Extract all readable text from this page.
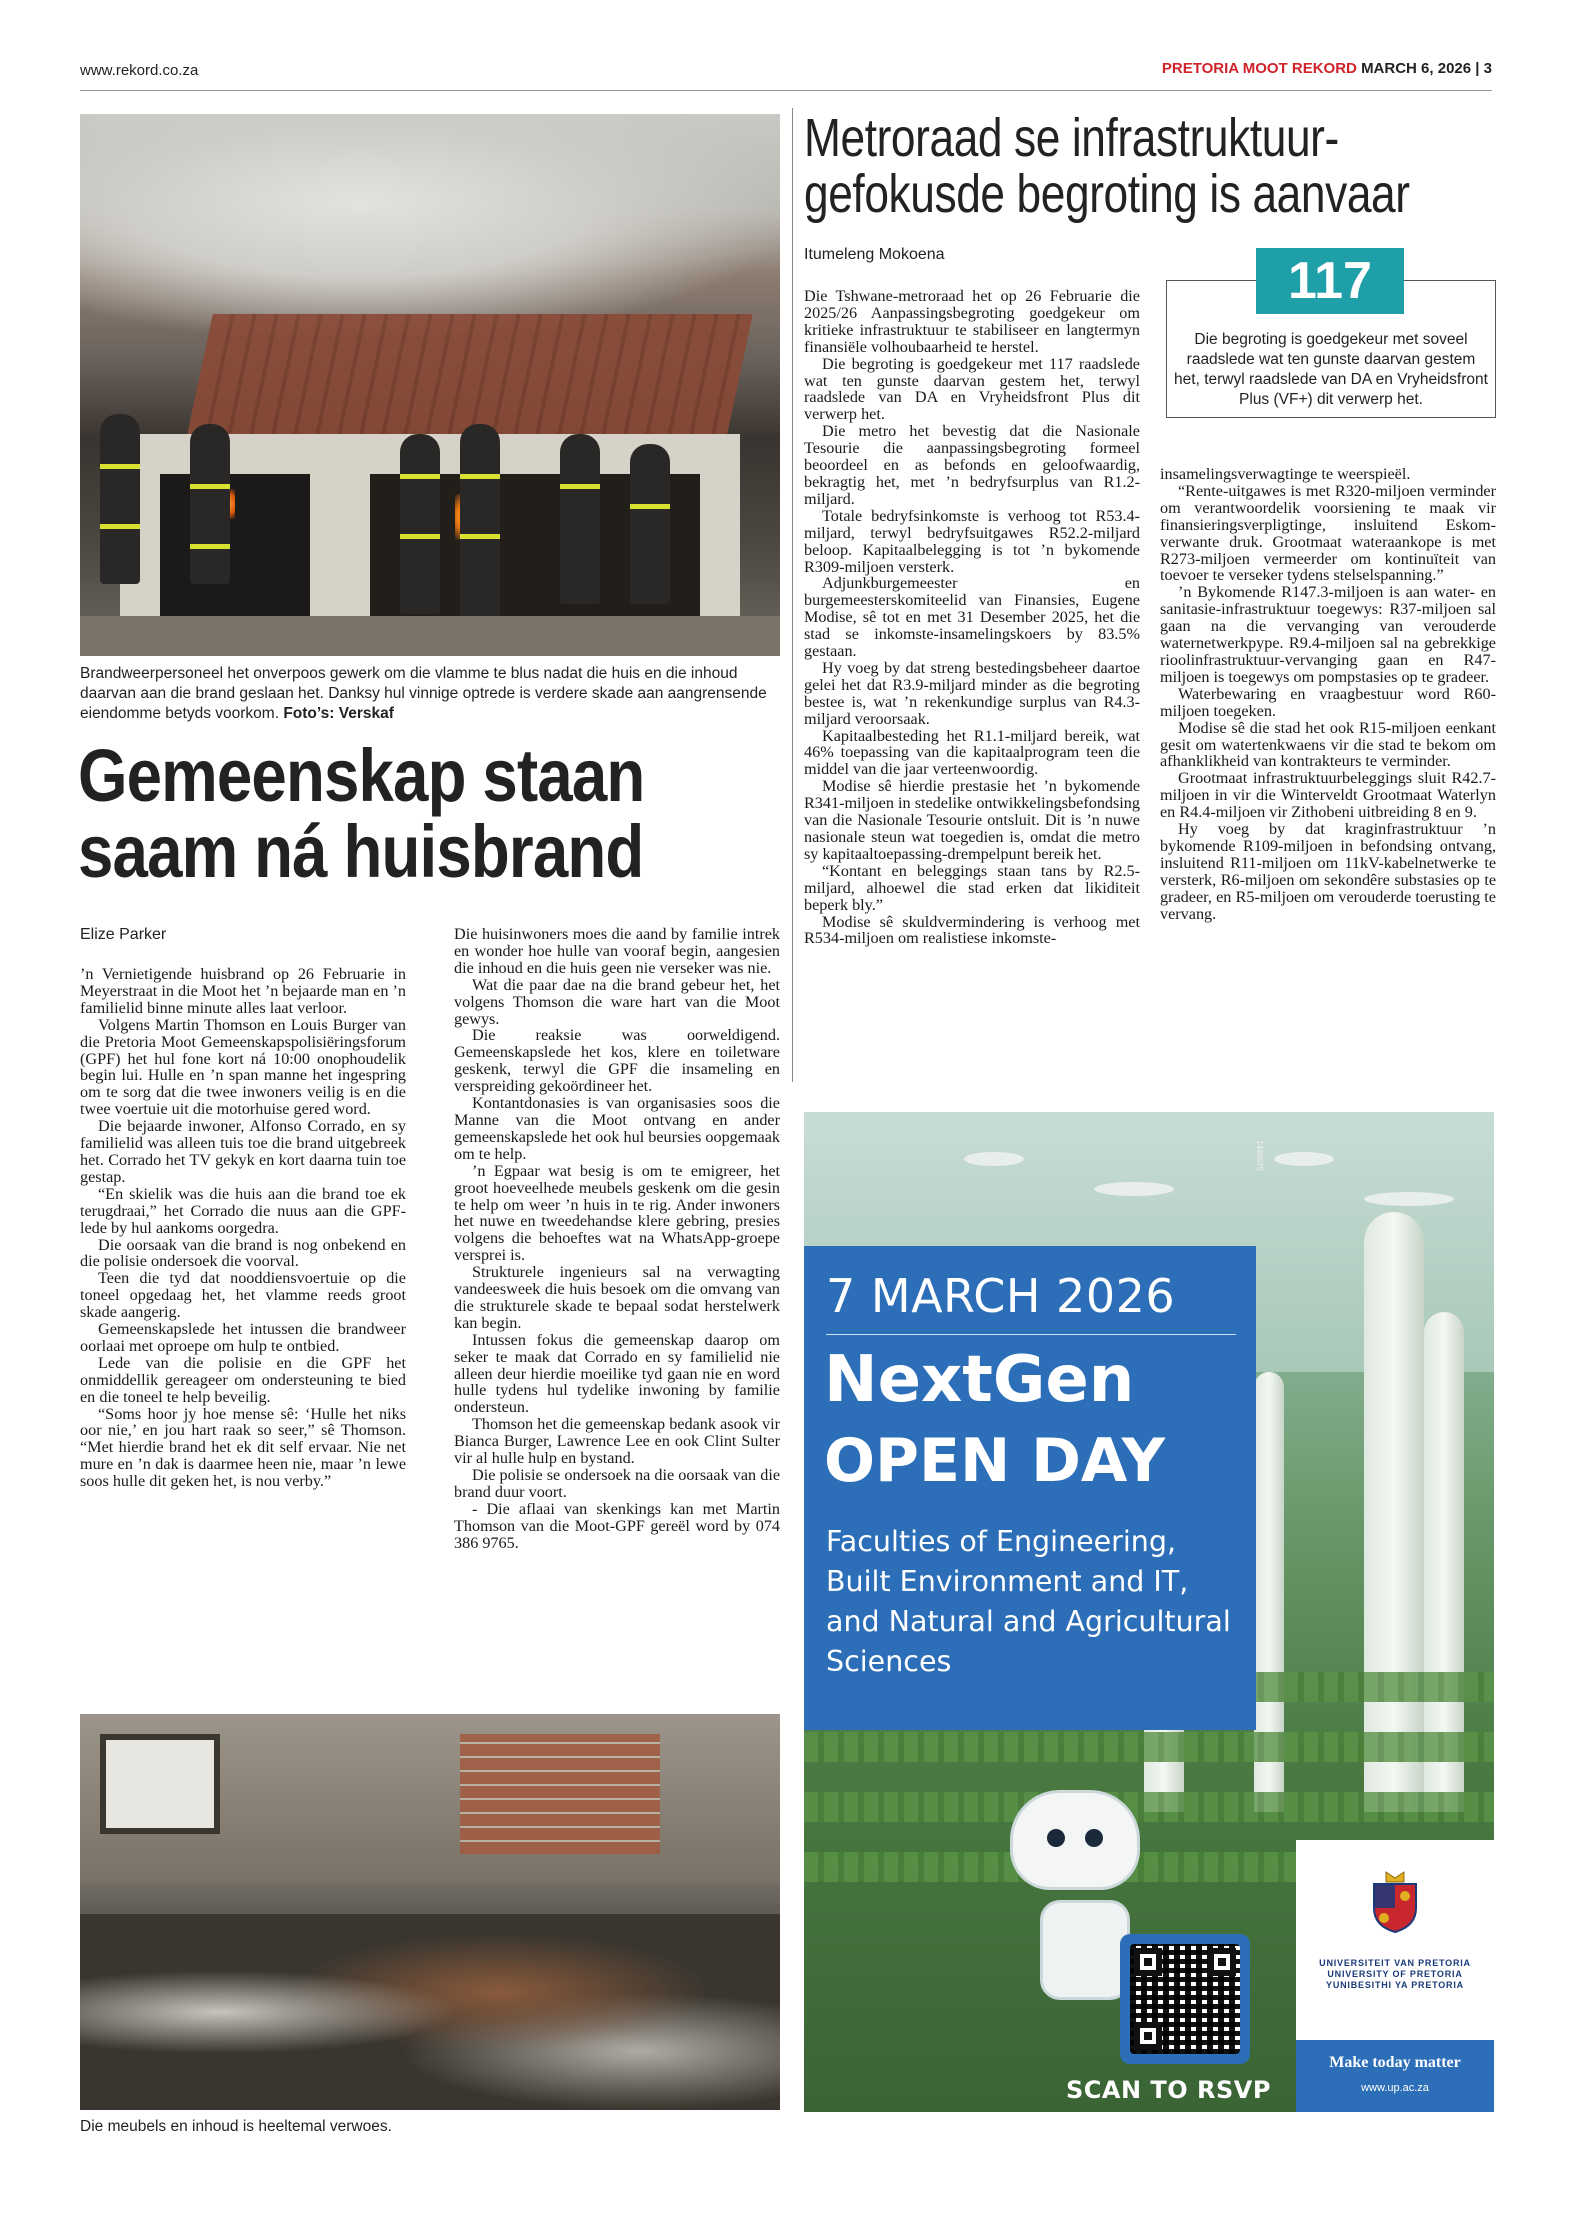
www.rekord.co.za	PRETORIA MOOT REKORD MARCH 6, 2026 | 3
Brandweerpersoneel het onverpoos gewerk om die vlamme te blus nadat die huis en die inhoud daarvan aan die brand geslaan het. Danksy hul vinnige optrede is verdere skade aan aangrensende eiendomme betyds voorkom. Foto’s: Verskaf
Gemeenskap staan
saam ná huisbrand
Elize Parker

’n Vernietigende huisbrand op 26 Februarie in Meyerstraat in die Moot het ’n bejaarde man en ’n familielid binne minute alles laat verloor.

Volgens Martin Thomson en Louis Burger van die Pretoria Moot Gemeenskapspolisiëringsforum (GPF) het hul fone kort ná 10:00 onophoudelik begin lui. Hulle en ’n span manne het ingespring om te sorg dat die twee inwoners veilig is en die twee voertuie uit die motorhuise gered word.

Die bejaarde inwoner, Alfonso Corrado, en sy familielid was alleen tuis toe die brand uitgebreek het. Corrado het TV gekyk en kort daarna tuin toe gestap.

“En skielik was die huis aan die brand toe ek terugdraai,” het Corrado die nuus aan die GPF-lede by hul aankoms oorgedra.

Die oorsaak van die brand is nog onbekend en die polisie ondersoek die voorval.

Teen die tyd dat nooddiensvoertuie op die toneel opgedaag het, het vlamme reeds groot skade aangerig.

Gemeenskapslede het intussen die brandweer oorlaai met oproepe om hulp te ontbied.

Lede van die polisie en die GPF het onmiddellik gereageer om ondersteuning te bied en die toneel te help beveilig.

“Soms hoor jy hoe mense sê: ‘Hulle het niks oor nie,’ en jou hart raak so seer,” sê Thomson. “Met hierdie brand het ek dit self ervaar. Nie net mure en ’n dak is daarmee heen nie, maar ’n lewe soos hulle dit geken het, is nou verby.”

Die huisinwoners moes die aand by familie intrek en wonder hoe hulle van vooraf begin, aangesien die inhoud en die huis geen nie verseker was nie.

Wat die paar dae na die brand gebeur het, het volgens Thomson die ware hart van die Moot gewys.

Die reaksie was oorweldigend. Gemeenskapslede het kos, klere en toiletware geskenk, terwyl die GPF die insameling en verspreiding gekoördineer het.

Kontantdonasies is van organisasies soos die Manne van die Moot ontvang en ander gemeenskapslede het ook hul beursies oopgemaak om te help.

’n Egpaar wat besig is om te emigreer, het groot hoeveelhede meubels geskenk om die gesin te help om weer ’n huis in te rig. Ander inwoners het nuwe en tweedehandse klere gebring, presies volgens die behoeftes wat na WhatsApp-groepe versprei is.

Strukturele ingenieurs sal na verwagting vandeesweek die huis besoek om die omvang van die strukturele skade te bepaal sodat herstelwerk kan begin.

Intussen fokus die gemeenskap daarop om seker te maak dat Corrado en sy familielid nie alleen deur hierdie moeilike tyd gaan nie en word hulle tydens hul tydelike inwoning by familie ondersteun.

Thomson het die gemeenskap bedank asook vir Bianca Burger, Lawrence Lee en ook Clint Sulter vir al hulle hulp en bystand.

Die polisie se ondersoek na die oorsaak van die brand duur voort.

- Die aflaai van skenkings kan met Martin Thomson van die Moot-GPF gereël word by 074 386 9765.

Die meubels en inhoud is heeltemal verwoes.
Metroraad se infrastruktuur-
gefokusde begroting is aanvaar
Itumeleng Mokoena	117
Die begroting is goedgekeur met soveel raadslede wat ten gunste daarvan gestem het, terwyl raadslede van DA en Vryheidsfront Plus (VF+) dit verwerp het.

Die Tshwane-metroraad het op 26 Februarie die 2025/26 Aanpassingsbegroting goedgekeur om kritieke infrastruktuur te stabiliseer en langtermyn finansiële volhoubaarheid te herstel.

Die begroting is goedgekeur met 117 raadslede wat ten gunste daarvan gestem het, terwyl raadslede van DA en Vryheidsfront Plus dit verwerp het.

Die metro het bevestig dat die Nasionale Tesourie die aanpassingsbegroting formeel beoordeel en as befonds en geloofwaardig, bekragtig het, met ’n bedryfsurplus van R1.2-miljard.

Totale bedryfsinkomste is verhoog tot R53.4-miljard, terwyl bedryfsuitgawes R52.2-miljard beloop. Kapitaalbelegging is tot ’n bykomende R309-miljoen versterk.

Adjunkburgemeester en burgemeesterskomiteelid van Finansies, Eugene Modise, sê tot en met 31 Desember 2025, het die stad se inkomste-insamelingskoers by 83.5% gestaan.

Hy voeg by dat streng bestedingsbeheer daartoe gelei het dat R3.9-miljard minder as die begroting bestee is, wat ’n rekenkundige surplus van R4.3-miljard veroorsaak.

Kapitaalbesteding het R1.1-miljard bereik, wat 46% toepassing van die kapitaalprogram teen die middel van die jaar verteenwoordig.

Modise sê hierdie prestasie het ’n bykomende R341-miljoen in stedelike ontwikkelingsbefondsing van die Nasionale Tesourie ontsluit. Dit is ’n nuwe nasionale steun wat toegedien is, omdat die metro sy kapitaaltoepassing-drempelpunt bereik het.

“Kontant en beleggings staan tans by R2.5-miljard, alhoewel die stad erken dat likiditeit beperk bly.”

Modise sê skuldvermindering is verhoog met R534-miljoen om realistiese inkomste-

insamelingsverwagtinge te weerspieël.

“Rente-uitgawes is met R320-miljoen verminder om verantwoordelik voorsiening te maak vir finansieringsverpligtinge, insluitend Eskom-verwante druk. Grootmaat wateraankope is met R273-miljoen vermeerder om kontinuïteit van toevoer te verseker tydens stelselspanning.”

’n Bykomende R147.3-miljoen is aan water- en sanitasie-infrastruktuur toegewys: R37-miljoen sal gaan na die vervanging van verouderde waternetwerkpype. R9.4-miljoen sal na gebrekkige rioolinfrastruktuur-vervanging gaan en R47-miljoen is toegewys om pompstasies op te gradeer.

Waterbewaring en vraagbestuur word R60-miljoen toegeken.

Modise sê die stad het ook R15-miljoen eenkant gesit om watertenkwaens vir die stad te bekom om afhanklikheid van kontrakteurs te verminder.

Grootmaat infrastruktuurbeleggings sluit R42.7-miljoen in vir die Winterveldt Grootmaat Waterlyn en R4.4-miljoen vir Zithobeni uitbreiding 8 en 9.

Hy voeg by dat kraginfrastruktuur ’n bykomende R109-miljoen in befondsing ontvang, insluitend R11-miljoen om 11kV-kabelnetwerke te versterk, R6-miljoen om sekondêre substasies op te gradeer, en R5-miljoen om verouderde toerusting te vervang.

1449675
7 MARCH 2026
NextGen
OPEN DAY
Faculties of Engineering, Built Environment and IT, and Natural and Agricultural Sciences
SCAN TO RSVP
UNIVERSITEIT VAN PRETORIA
UNIVERSITY OF PRETORIA
YUNIBESITHI YA PRETORIA
Make today matter
www.up.ac.za
